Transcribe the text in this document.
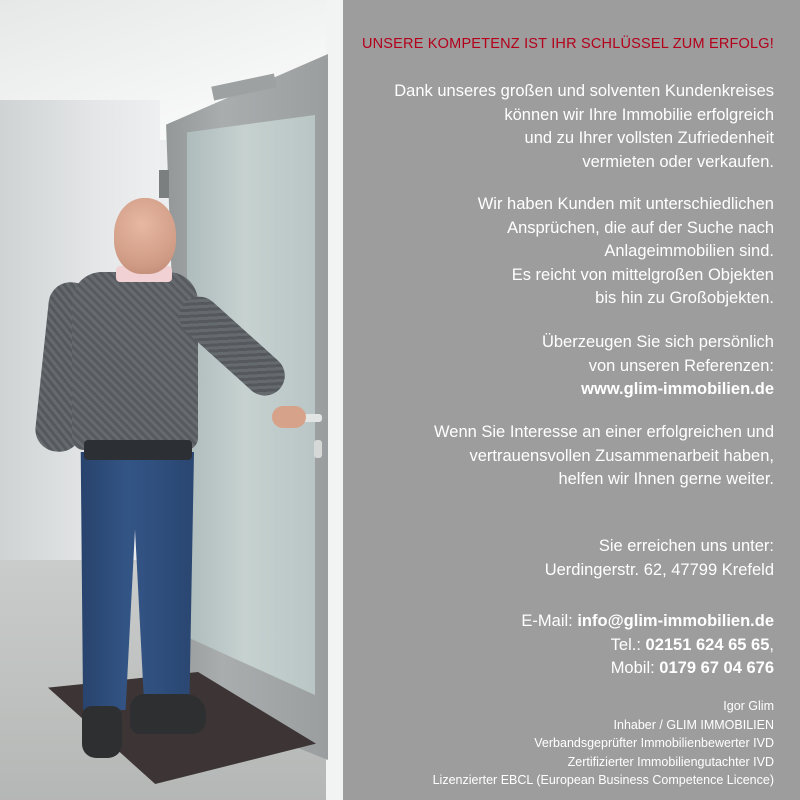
UNSERE KOMPETENZ IST IHR SCHLÜSSEL ZUM ERFOLG!

Dank unseres großen und solventen Kundenkreises
können wir Ihre Immobilie erfolgreich
und zu Ihrer vollsten Zufriedenheit
vermieten oder verkaufen.

Wir haben Kunden mit unterschiedlichen
Ansprüchen, die auf der Suche nach
Anlageimmobilien sind.
Es reicht von mittelgroßen Objekten
bis hin zu Großobjekten.

Überzeugen Sie sich persönlich
von unseren Referenzen:
www.glim-immobilien.de

Wenn Sie Interesse an einer erfolgreichen und
vertrauensvollen Zusammenarbeit haben,
helfen wir Ihnen gerne weiter.

Sie erreichen uns unter:
Uerdingerstr. 62, 47799 Krefeld

E-Mail: info@glim-immobilien.de
Tel.: 02151 624 65 65,
Mobil: 0179 67 04 676

Igor Glim
Inhaber / GLIM IMMOBILIEN
Verbandsgeprüfter Immobilienbewerter IVD
Zertifizierter Immobiliengutachter IVD
Lizenzierter EBCL (European Business Competence Licence)
